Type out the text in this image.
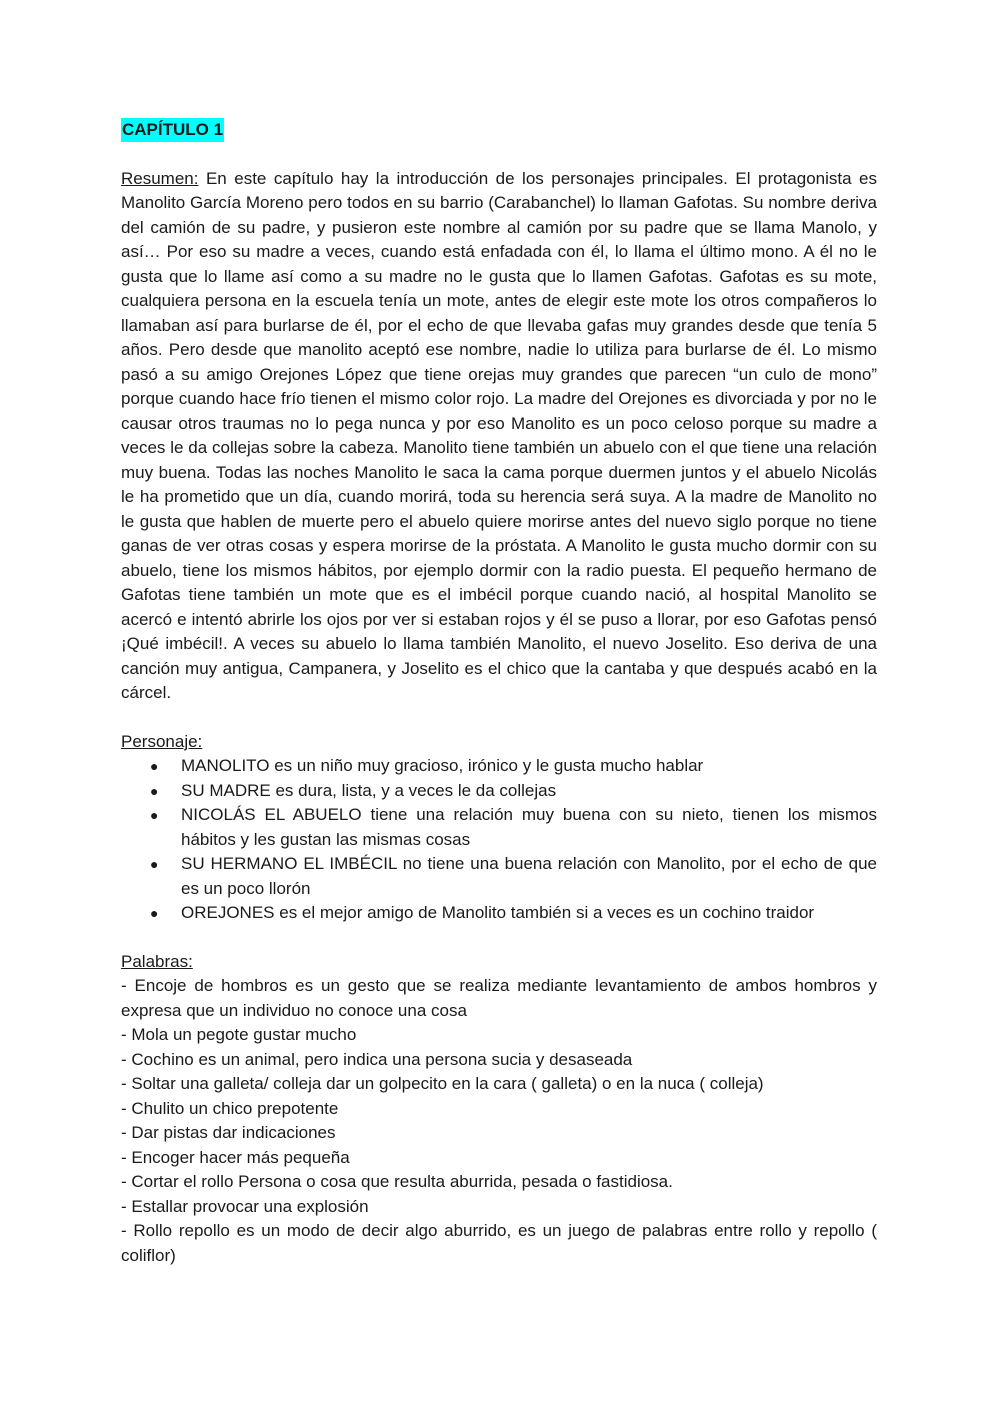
CAPÍTULO 1

Resumen: En este capítulo hay la introducción de los personajes principales. El protagonista es Manolito García Moreno pero todos en su barrio (Carabanchel) lo llaman Gafotas. Su nombre deriva del camión de su padre, y pusieron este nombre al camión por su padre que se llama Manolo, y así… Por eso su madre a veces, cuando está enfadada con él, lo llama el último mono. A él no le gusta que lo llame así como a su madre no le gusta que lo llamen Gafotas. Gafotas es su mote, cualquiera persona en la escuela tenía un mote, antes de elegir este mote los otros compañeros lo llamaban así para burlarse de él, por el echo de que llevaba gafas muy grandes desde que tenía 5 años. Pero desde que manolito aceptó ese nombre, nadie lo utiliza para burlarse de él. Lo mismo pasó a su amigo Orejones López que tiene orejas muy grandes que parecen “un culo de mono” porque cuando hace frío tienen el mismo color rojo. La madre del Orejones es divorciada y por no le causar otros traumas no lo pega nunca y por eso Manolito es un poco celoso porque su madre a veces le da collejas sobre la cabeza. Manolito tiene también un abuelo con el que tiene una relación muy buena. Todas las noches Manolito le saca la cama porque duermen juntos y el abuelo Nicolás le ha prometido que un día, cuando morirá, toda su herencia será suya. A la madre de Manolito no le gusta que hablen de muerte pero el abuelo quiere morirse antes del nuevo siglo porque no tiene ganas de ver otras cosas y espera morirse de la próstata. A Manolito le gusta mucho dormir con su abuelo, tiene los mismos hábitos, por ejemplo dormir con la radio puesta. El pequeño hermano de Gafotas tiene también un mote que es el imbécil porque cuando nació, al hospital Manolito se acercó e intentó abrirle los ojos por ver si estaban rojos y él se puso a llorar, por eso Gafotas pensó ¡Qué imbécil!. A veces su abuelo lo llama también Manolito, el nuevo Joselito. Eso deriva de una canción muy antigua, Campanera, y Joselito es el chico que la cantaba y que después acabó en la cárcel.

Personaje:
● MANOLITO es un niño muy gracioso, irónico y le gusta mucho hablar
● SU MADRE es dura, lista, y a veces le da collejas
● NICOLÁS EL ABUELO tiene una relación muy buena con su nieto, tienen los mismos hábitos y les gustan las mismas cosas
● SU HERMANO EL IMBÉCIL no tiene una buena relación con Manolito, por el echo de que es un poco llorón
● OREJONES es el mejor amigo de Manolito también si a veces es un cochino traidor
Palabras:
- Encoje de hombros es un gesto que se realiza mediante levantamiento de ambos hombros y expresa que un individuo no conoce una cosa
- Mola un pegote gustar mucho
- Cochino es un animal, pero indica una persona sucia y desaseada
- Soltar una galleta/ colleja dar un golpecito en la cara ( galleta) o en la nuca ( colleja)
- Chulito un chico prepotente
- Dar pistas dar indicaciones
- Encoger hacer más pequeña
- Cortar el rollo Persona o cosa que resulta aburrida, pesada o fastidiosa.
- Estallar provocar una explosión
- Rollo repollo es un modo de decir algo aburrido, es un juego de palabras entre rollo y repollo ( coliflor)
